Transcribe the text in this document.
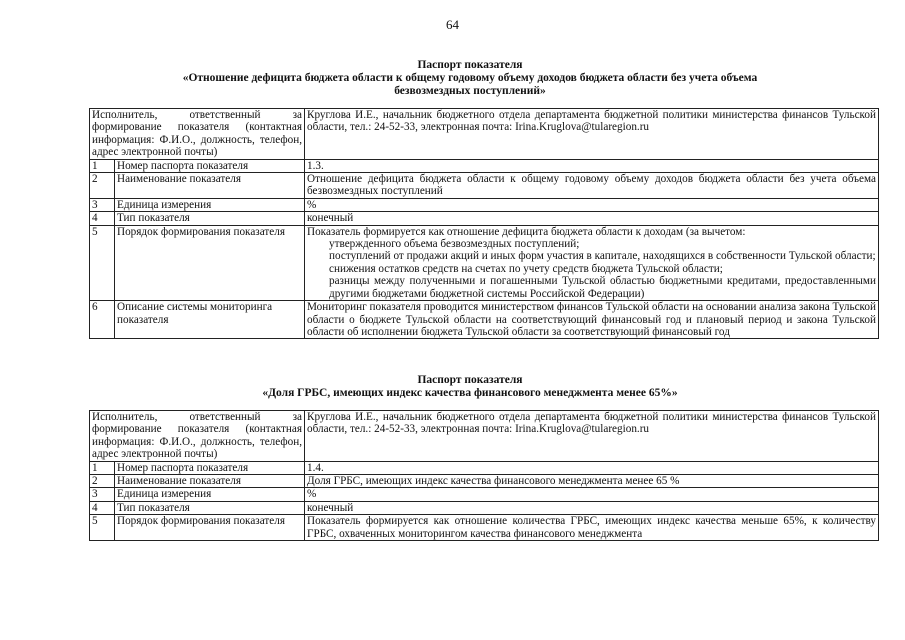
64
Паспорт показателя
«Отношение дефицита бюджета области к общему годовому объему доходов бюджета области без учета объема
безвозмездных поступлений»
Исполнитель, ответственный за формирование показателя (контактная информация: Ф.И.О., должность, телефон, адрес электронной почты)		Круглова И.Е., начальник бюджетного отдела департамента бюджетной политики министерства финансов Тульской области, тел.: 24-52-33, электронная почта: Irina.Kruglova@tularegion.ru
1	Номер паспорта показателя	1.3.
2	Наименование показателя	Отношение дефицита бюджета области к общему годовому объему доходов бюджета области без учета объема безвозмездных поступлений
3	Единица измерения	%
4	Тип показателя	конечный
5	Порядок формирования показателя	Показатель формируется как отношение дефицита бюджета области к доходам (за вычетом:
утвержденного объема безвозмездных поступлений;
поступлений от продажи акций и иных форм участия в капитале, находящихся в собственности Тульской области;
снижения остатков средств на счетах по учету средств бюджета Тульской области;
разницы между полученными и погашенными Тульской областью бюджетными кредитами, предоставленными другими бюджетами бюджетной системы Российской Федерации)

6	Описание системы мониторинга показателя	Мониторинг показателя проводится министерством финансов Тульской области на основании анализа закона Тульской области о бюджете Тульской области на соответствующий финансовый год и плановый период и закона Тульской области об исполнении бюджета Тульской области за соответствующий финансовый год
Паспорт показателя
«Доля ГРБС, имеющих индекс качества финансового менеджмента менее 65%»
Исполнитель, ответственный за формирование показателя (контактная информация: Ф.И.О., должность, телефон, адрес электронной почты)		Круглова И.Е., начальник бюджетного отдела департамента бюджетной политики министерства финансов Тульской области, тел.: 24-52-33, электронная почта: Irina.Kruglova@tularegion.ru
1	Номер паспорта показателя	1.4.
2	Наименование показателя	Доля ГРБС, имеющих индекс качества финансового менеджмента менее 65 %
3	Единица измерения	%
4	Тип показателя	конечный
5	Порядок формирования показателя	Показатель формируется как отношение количества ГРБС, имеющих индекс качества меньше 65%, к количеству ГРБС, охваченных мониторингом качества финансового менеджмента
